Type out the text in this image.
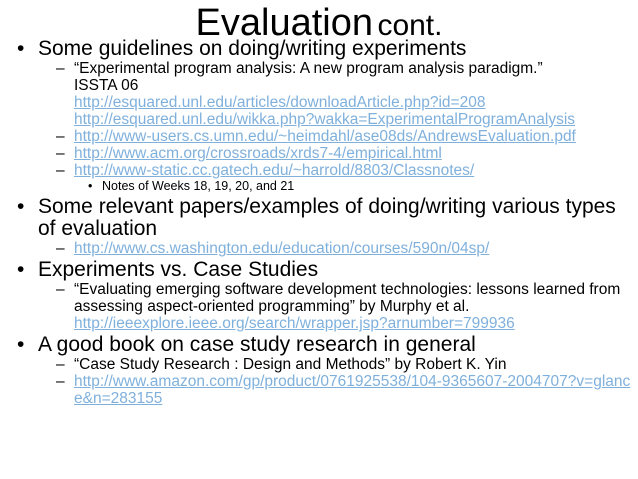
Evaluation cont.
• Some guidelines on doing/writing experiments
– “Experimental program analysis: A new program analysis paradigm.”
ISSTA 06
http://esquared.unl.edu/articles/downloadArticle.php?id=208
http://esquared.unl.edu/wikka.php?wakka=ExperimentalProgramAnalysis
– http://www-users.cs.umn.edu/~heimdahl/ase08ds/AndrewsEvaluation.pdf
– http://www.acm.org/crossroads/xrds7-4/empirical.html
– http://www-static.cc.gatech.edu/~harrold/8803/Classnotes/
• Notes of Weeks 18, 19, 20, and 21
• Some relevant papers/examples of doing/writing various types of evaluation
– http://www.cs.washington.edu/education/courses/590n/04sp/
• Experiments vs. Case Studies
– “Evaluating emerging software development technologies: lessons learned from assessing aspect-oriented programming” by Murphy et al.
http://ieeexplore.ieee.org/search/wrapper.jsp?arnumber=799936
• A good book on case study research in general
– “Case Study Research : Design and Methods” by Robert K. Yin
– http://www.amazon.com/gp/product/0761925538/104-9365607-2004707?v=glance&n=283155
